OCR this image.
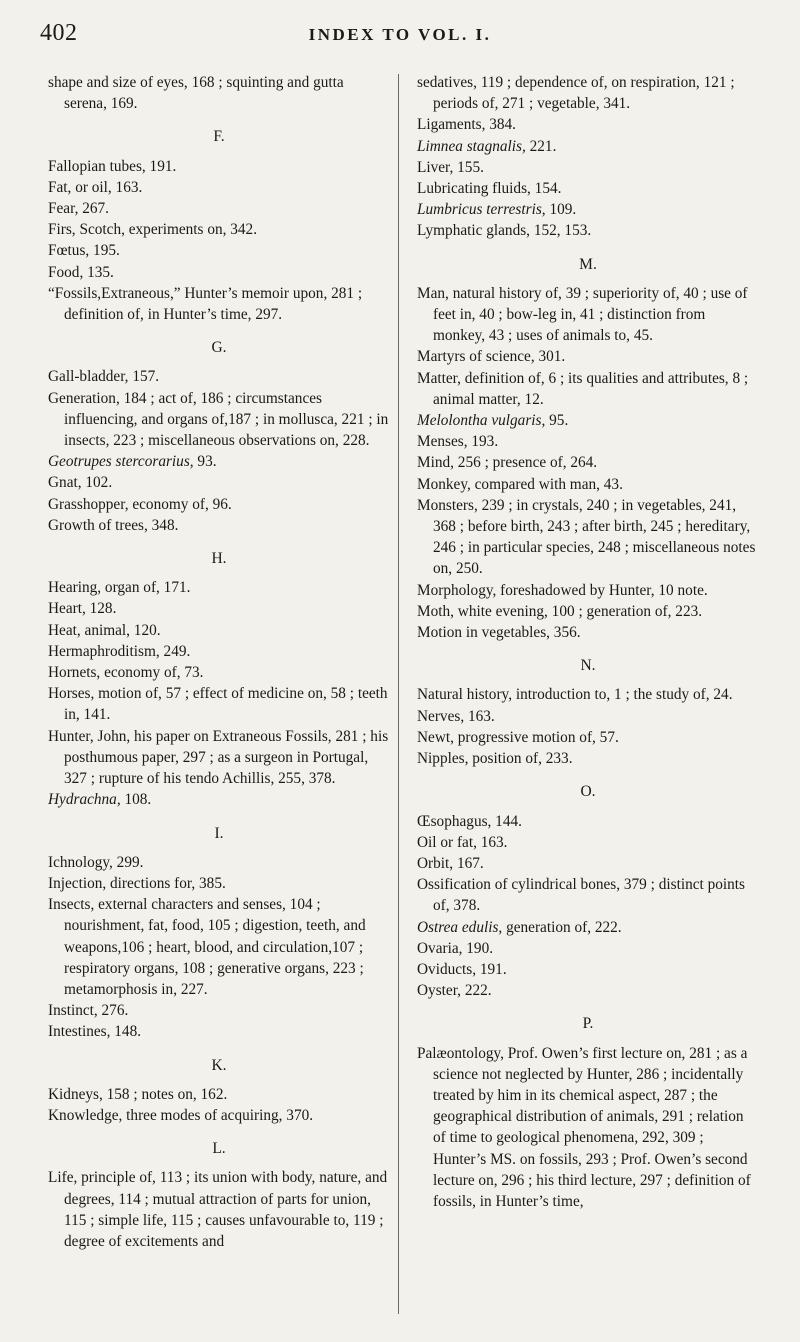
402	INDEX TO VOL. I.

shape and size of eyes, 168 ; squinting and gutta serena, 169.

F.

Fallopian tubes, 191.

Fat, or oil, 163.

Fear, 267.

Firs, Scotch, experiments on, 342.

Fœtus, 195.

Food, 135.

“Fossils,Extraneous,” Hunter’s memoir upon, 281 ; definition of, in Hunter’s time, 297.

G.

Gall-bladder, 157.

Generation, 184 ; act of, 186 ; circumstances influencing, and organs of,187 ; in mollusca, 221 ; in insects, 223 ; miscellaneous observations on, 228.

Geotrupes stercorarius, 93.

Gnat, 102.

Grasshopper, economy of, 96.

Growth of trees, 348.

H.

Hearing, organ of, 171.

Heart, 128.

Heat, animal, 120.

Hermaphroditism, 249.

Hornets, economy of, 73.

Horses, motion of, 57 ; effect of medicine on, 58 ; teeth in, 141.

Hunter, John, his paper on Extraneous Fossils, 281 ; his posthumous paper, 297 ; as a surgeon in Portugal, 327 ; rupture of his tendo Achillis, 255, 378.

Hydrachna, 108.

I.

Ichnology, 299.

Injection, directions for, 385.

Insects, external characters and senses, 104 ; nourishment, fat, food, 105 ; digestion, teeth, and weapons,106 ; heart, blood, and circulation,107 ; respiratory organs, 108 ; generative organs, 223 ; metamorphosis in, 227.

Instinct, 276.

Intestines, 148.

K.

Kidneys, 158 ; notes on, 162.

Knowledge, three modes of acquiring, 370.

L.

Life, principle of, 113 ; its union with body, nature, and degrees, 114 ; mutual attraction of parts for union, 115 ; simple life, 115 ; causes unfavourable to, 119 ; degree of excitements and

sedatives, 119 ; dependence of, on respiration, 121 ; periods of, 271 ; vegetable, 341.

Ligaments, 384.

Limnea stagnalis, 221.

Liver, 155.

Lubricating fluids, 154.

Lumbricus terrestris, 109.

Lymphatic glands, 152, 153.

M.

Man, natural history of, 39 ; superiority of, 40 ; use of feet in, 40 ; bow-leg in, 41 ; distinction from monkey, 43 ; uses of animals to, 45.

Martyrs of science, 301.

Matter, definition of, 6 ; its qualities and attributes, 8 ; animal matter, 12.

Melolontha vulgaris, 95.

Menses, 193.

Mind, 256 ; presence of, 264.

Monkey, compared with man, 43.

Monsters, 239 ; in crystals, 240 ; in vegetables, 241, 368 ; before birth, 243 ; after birth, 245 ; hereditary, 246 ; in particular species, 248 ; miscellaneous notes on, 250.

Morphology, foreshadowed by Hunter, 10 note.

Moth, white evening, 100 ; generation of, 223.

Motion in vegetables, 356.

N.

Natural history, introduction to, 1 ; the study of, 24.

Nerves, 163.

Newt, progressive motion of, 57.

Nipples, position of, 233.

O.

Œsophagus, 144.

Oil or fat, 163.

Orbit, 167.

Ossification of cylindrical bones, 379 ; distinct points of, 378.

Ostrea edulis, generation of, 222.

Ovaria, 190.

Oviducts, 191.

Oyster, 222.

P.

Palæontology, Prof. Owen’s first lecture on, 281 ; as a science not neglected by Hunter, 286 ; incidentally treated by him in its chemical aspect, 287 ; the geographical distribution of animals, 291 ; relation of time to geological phenomena, 292, 309 ; Hunter’s MS. on fossils, 293 ; Prof. Owen’s second lecture on, 296 ; his third lecture, 297 ; definition of fossils, in Hunter’s time,
